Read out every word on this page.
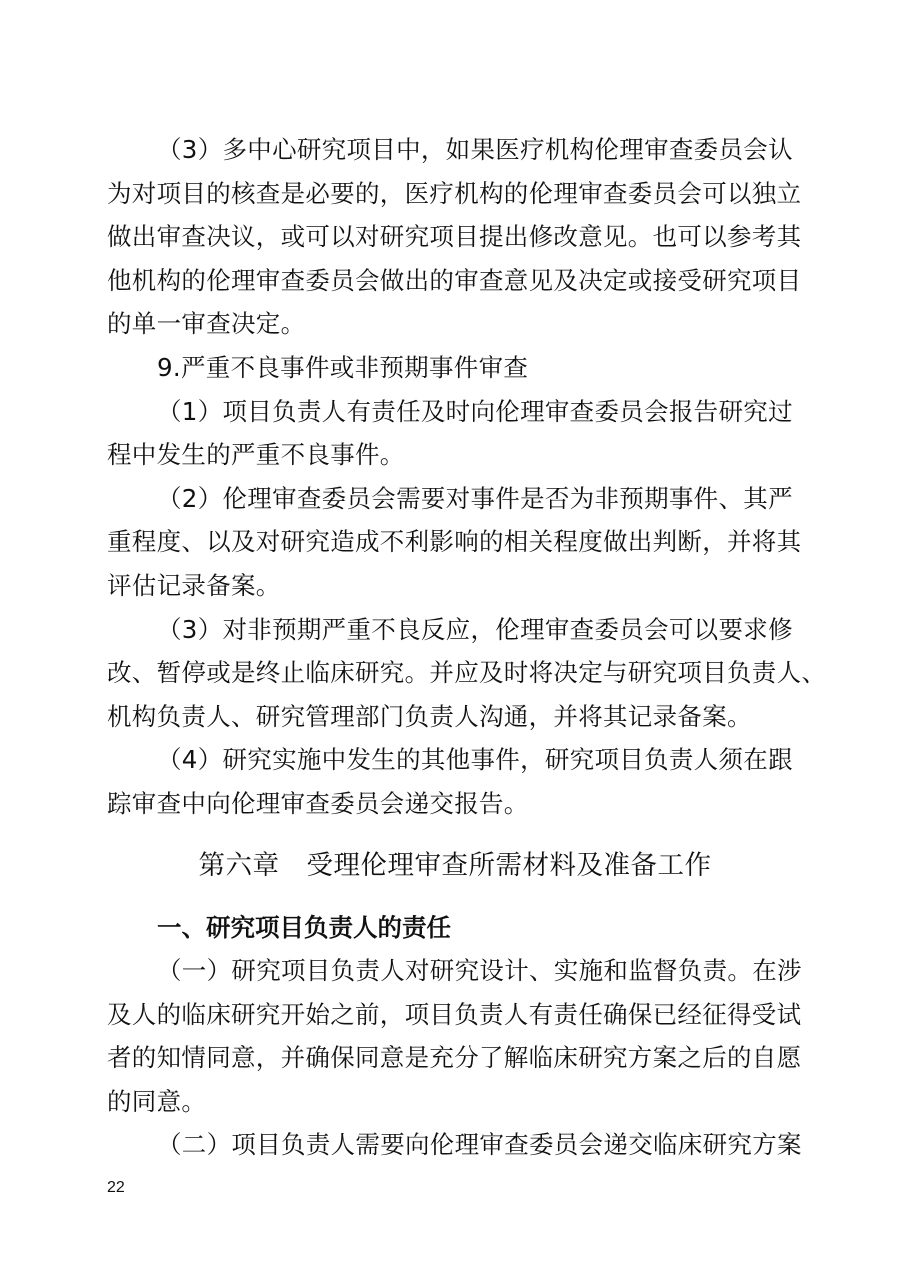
（3）多中心研究项目中，如果医疗机构伦理审查委员会认
为对项目的核查是必要的，医疗机构的伦理审查委员会可以独立
做出审查决议，或可以对研究项目提出修改意见。也可以参考其
他机构的伦理审查委员会做出的审查意见及决定或接受研究项目
的单一审查决定。

9.严重不良事件或非预期事件审查

（1）项目负责人有责任及时向伦理审查委员会报告研究过
程中发生的严重不良事件。

（2）伦理审查委员会需要对事件是否为非预期事件、其严
重程度、以及对研究造成不利影响的相关程度做出判断，并将其
评估记录备案。

（3）对非预期严重不良反应，伦理审查委员会可以要求修
改、暂停或是终止临床研究。并应及时将决定与研究项目负责人、
机构负责人、研究管理部门负责人沟通，并将其记录备案。

（4）研究实施中发生的其他事件，研究项目负责人须在跟
踪审查中向伦理审查委员会递交报告。

第六章　受理伦理审查所需材料及准备工作

一、研究项目负责人的责任

（一）研究项目负责人对研究设计、实施和监督负责。在涉
及人的临床研究开始之前，项目负责人有责任确保已经征得受试
者的知情同意，并确保同意是充分了解临床研究方案之后的自愿
的同意。

（二）项目负责人需要向伦理审查委员会递交临床研究方案

22
